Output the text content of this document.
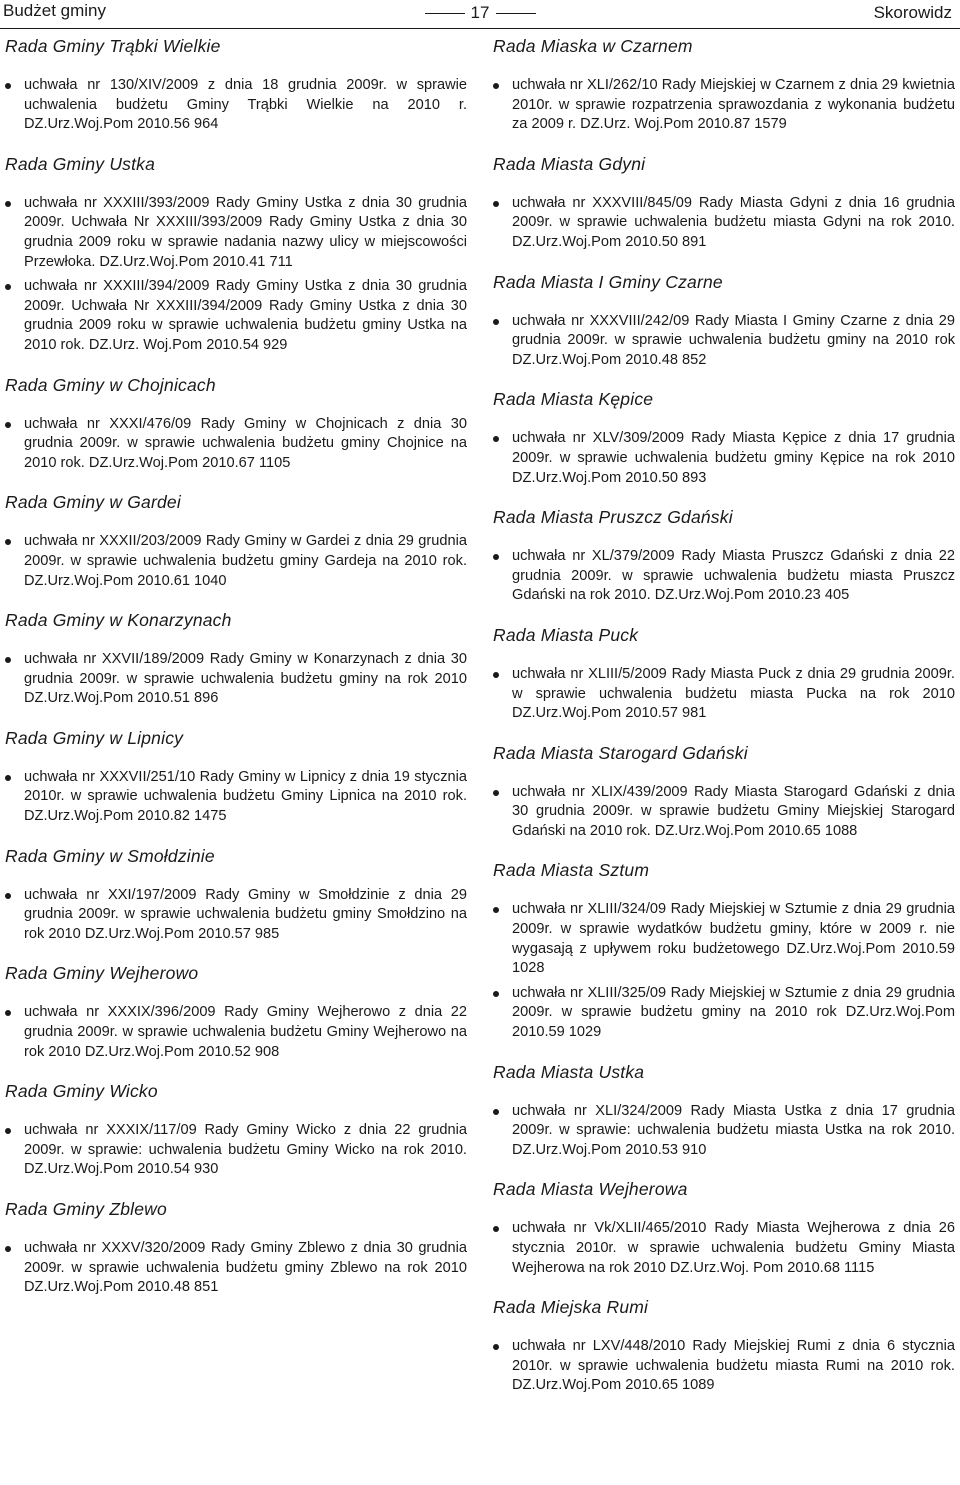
Budżet gminy	17	Skorowidz
Rada Gminy Trąbki Wielkie
uchwała nr 130/XIV/2009 z dnia 18 grudnia 2009r. w sprawie uchwalenia budżetu Gminy Trąbki Wielkie na 2010 r. DZ.Urz.Woj.Pom 2010.56 964
Rada Gminy Ustka
uchwała nr XXXIII/393/2009 Rady Gminy Ustka z dnia 30 grudnia 2009r. Uchwała Nr XXXIII/393/2009 Rady Gminy Ustka z dnia 30 grudnia 2009 roku w sprawie nadania nazwy ulicy w miejscowości Przewłoka. DZ.Urz.Woj.Pom 2010.41 711
uchwała nr XXXIII/394/2009 Rady Gminy Ustka z dnia 30 grudnia 2009r. Uchwała Nr XXXIII/394/2009 Rady Gminy Ustka z dnia 30 grudnia 2009 roku w sprawie uchwalenia budżetu gminy Ustka na 2010 rok. DZ.Urz. Woj.Pom 2010.54 929
Rada Gminy w Chojnicach
uchwała nr XXXI/476/09 Rady Gminy w Chojnicach z dnia 30 grudnia 2009r. w sprawie uchwalenia budżetu gminy Chojnice na 2010 rok. DZ.Urz.Woj.Pom 2010.67 1105
Rada Gminy w Gardei
uchwała nr XXXII/203/2009 Rady Gminy w Gardei z dnia 29 grudnia 2009r. w sprawie uchwalenia budżetu gminy Gardeja na 2010 rok. DZ.Urz.Woj.Pom 2010.61 1040
Rada Gminy w Konarzynach
uchwała nr XXVII/189/2009 Rady Gminy w Konarzynach z dnia 30 grudnia 2009r. w sprawie uchwalenia budżetu gminy na rok 2010 DZ.Urz.Woj.Pom 2010.51 896
Rada Gminy w Lipnicy
uchwała nr XXXVII/251/10 Rady Gminy w Lipnicy z dnia 19 stycznia 2010r. w sprawie uchwalenia budżetu Gminy Lipnica na 2010 rok. DZ.Urz.Woj.Pom 2010.82 1475
Rada Gminy w Smołdzinie
uchwała nr XXI/197/2009 Rady Gminy w Smołdzinie z dnia 29 grudnia 2009r. w sprawie uchwalenia budżetu gminy Smołdzino na rok 2010 DZ.Urz.Woj.Pom 2010.57 985
Rada Gminy Wejherowo
uchwała nr XXXIX/396/2009 Rady Gminy Wejherowo z dnia 22 grudnia 2009r. w sprawie uchwalenia budżetu Gminy Wejherowo na rok 2010 DZ.Urz.Woj.Pom 2010.52 908
Rada Gminy Wicko
uchwała nr XXXIX/117/09 Rady Gminy Wicko z dnia 22 grudnia 2009r. w sprawie: uchwalenia budżetu Gminy Wicko na rok 2010. DZ.Urz.Woj.Pom 2010.54 930
Rada Gminy Zblewo
uchwała nr XXXV/320/2009 Rady Gminy Zblewo z dnia 30 grudnia 2009r. w sprawie uchwalenia budżetu gminy Zblewo na rok 2010 DZ.Urz.Woj.Pom 2010.48 851
Rada Miaska w Czarnem
uchwała nr XLI/262/10 Rady Miejskiej w Czarnem z dnia 29 kwietnia 2010r. w sprawie rozpatrzenia sprawozdania z wykonania budżetu za 2009 r. DZ.Urz. Woj.Pom 2010.87 1579
Rada Miasta Gdyni
uchwała nr XXXVIII/845/09 Rady Miasta Gdyni z dnia 16 grudnia 2009r. w sprawie uchwalenia budżetu miasta Gdyni na rok 2010. DZ.Urz.Woj.Pom 2010.50 891
Rada Miasta I Gminy Czarne
uchwała nr XXXVIII/242/09 Rady Miasta I Gminy Czarne z dnia 29 grudnia 2009r. w sprawie uchwalenia budżetu gminy na 2010 rok DZ.Urz.Woj.Pom 2010.48 852
Rada Miasta Kępice
uchwała nr XLV/309/2009 Rady Miasta Kępice z dnia 17 grudnia 2009r. w sprawie uchwalenia budżetu gminy Kępice na rok 2010 DZ.Urz.Woj.Pom 2010.50 893
Rada Miasta Pruszcz Gdański
uchwała nr XL/379/2009 Rady Miasta Pruszcz Gdański z dnia 22 grudnia 2009r. w sprawie uchwalenia budżetu miasta Pruszcz Gdański na rok 2010. DZ.Urz.Woj.Pom 2010.23 405
Rada Miasta Puck
uchwała nr XLIII/5/2009 Rady Miasta Puck z dnia 29 grudnia 2009r. w sprawie uchwalenia budżetu miasta Pucka na rok 2010 DZ.Urz.Woj.Pom 2010.57 981
Rada Miasta Starogard Gdański
uchwała nr XLIX/439/2009 Rady Miasta Starogard Gdański z dnia 30 grudnia 2009r. w sprawie budżetu Gminy Miejskiej Starogard Gdański na 2010 rok. DZ.Urz.Woj.Pom 2010.65 1088
Rada Miasta Sztum
uchwała nr XLIII/324/09 Rady Miejskiej w Sztumie z dnia 29 grudnia 2009r. w sprawie wydatków budżetu gminy, które w 2009 r. nie wygasają z upływem roku budżetowego DZ.Urz.Woj.Pom 2010.59 1028
uchwała nr XLIII/325/09 Rady Miejskiej w Sztumie z dnia 29 grudnia 2009r. w sprawie budżetu gminy na 2010 rok DZ.Urz.Woj.Pom 2010.59 1029
Rada Miasta Ustka
uchwała nr XLI/324/2009 Rady Miasta Ustka z dnia 17 grudnia 2009r. w sprawie: uchwalenia budżetu miasta Ustka na rok 2010. DZ.Urz.Woj.Pom 2010.53 910
Rada Miasta Wejherowa
uchwała nr Vk/XLII/465/2010 Rady Miasta Wejherowa z dnia 26 stycznia 2010r. w sprawie uchwalenia budżetu Gminy Miasta Wejherowa na rok 2010 DZ.Urz.Woj. Pom 2010.68 1115
Rada Miejska Rumi
uchwała nr LXV/448/2010 Rady Miejskiej Rumi z dnia 6 stycznia 2010r. w sprawie uchwalenia budżetu miasta Rumi na 2010 rok. DZ.Urz.Woj.Pom 2010.65 1089
